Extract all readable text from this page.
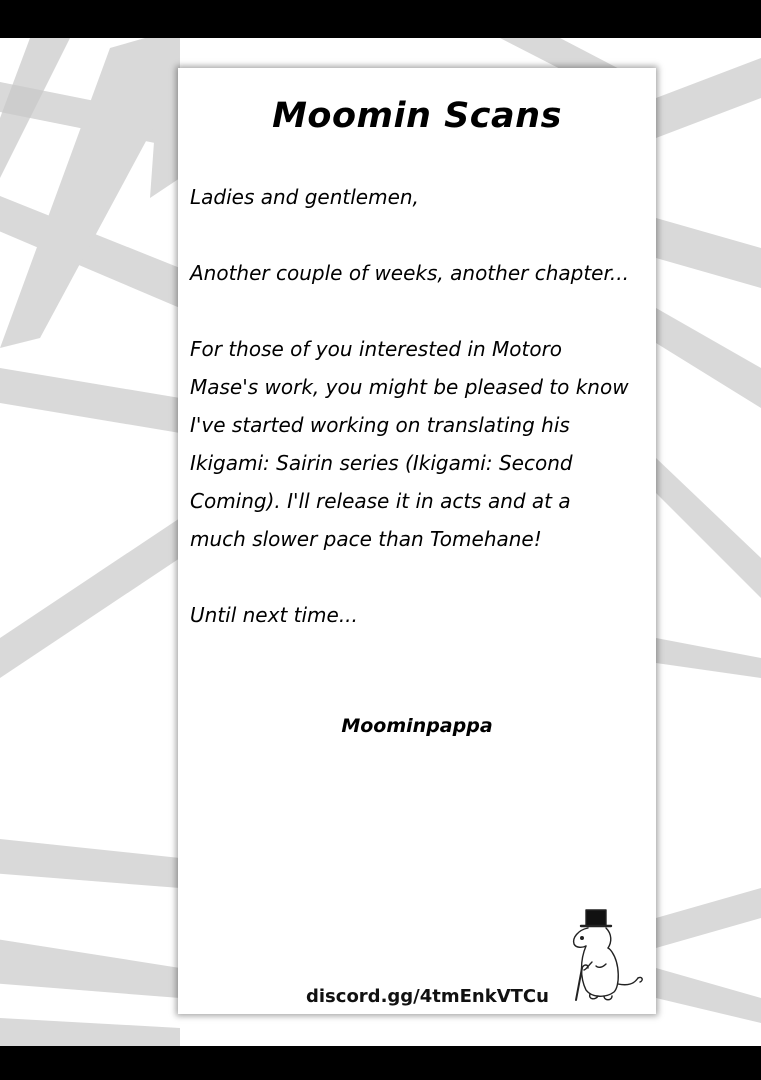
Moomin Scans

Ladies and gentlemen,

Another couple of weeks, another chapter...

For those of you interested in Motoro
Mase's work, you might be pleased to know
I've started working on translating his
Ikigami: Sairin series (Ikigami: Second
Coming). I'll release it in acts and at a
much slower pace than Tomehane!

Until next time...

Moominpappa
discord.gg/4tmEnkVTCu
